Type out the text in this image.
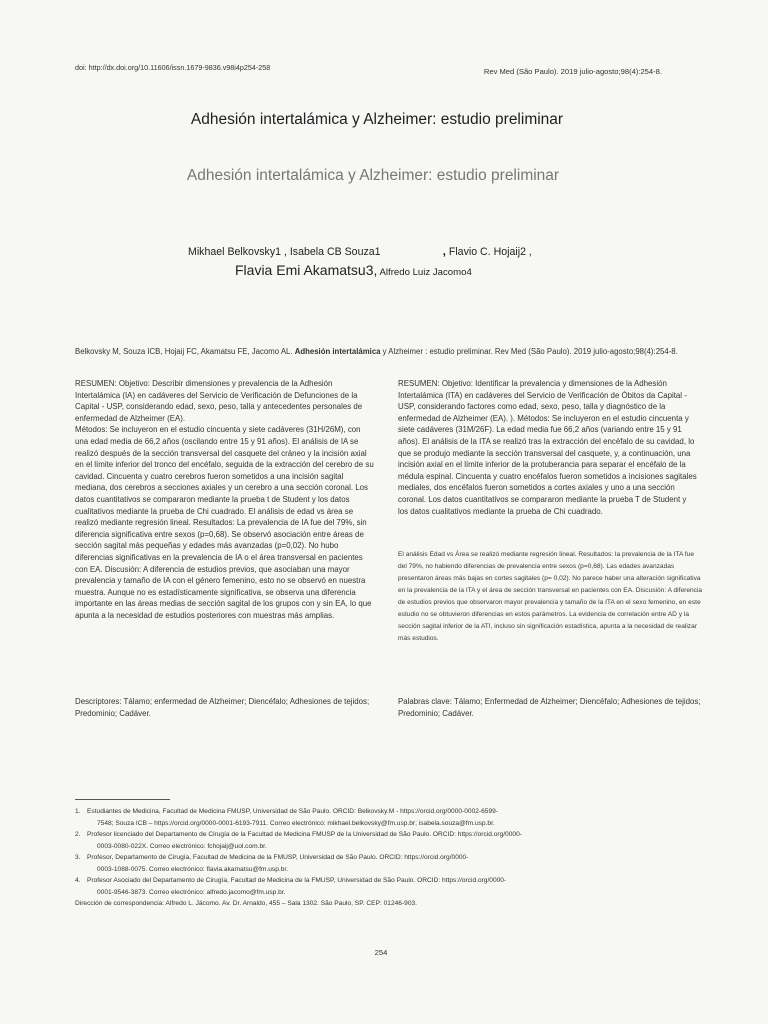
doi: http://dx.doi.org/10.11606/issn.1679-9836.v98i4p254-258	Rev Med (São Paulo). 2019 julio-agosto;98(4):254-8.
Adhesión intertalámica y Alzheimer: estudio preliminar
Adhesión intertalámica y Alzheimer: estudio preliminar
Mikhael Belkovsky1 , Isabela CB Souza1	, Flavio C. Hojaij2 ,
Flavia Emi Akamatsu3, Alfredo Luiz Jacomo4
Belkovsky M, Souza ICB, Hojaij FC, Akamatsu FE, Jacomo AL. Adhesión intertalámica y Alzheimer : estudio preliminar. Rev Med (São Paulo). 2019 julio-agosto;98(4):254-8.

RESUMEN: Objetivo: Describir dimensiones y prevalencia de la Adhesión Intertalámica (IA) en cadáveres del Servicio de Verificación de Defunciones de la Capital - USP, considerando edad, sexo, peso, talla y antecedentes personales de enfermedad de Alzheimer (EA).

Métodos: Se incluyeron en el estudio cincuenta y siete cadáveres (31H/26M), con una edad media de 66,2 años (oscilando entre 15 y 91 años). El análisis de IA se realizó después de la sección transversal del casquete del cráneo y la incisión axial en el límite inferior del tronco del encéfalo, seguida de la extracción del cerebro de su cavidad. Cincuenta y cuatro cerebros fueron sometidos a una incisión sagital mediana, dos cerebros a secciones axiales y un cerebro a una sección coronal. Los datos cuantitativos se compararon mediante la prueba t de Student y los datos cualitativos mediante la prueba de Chi cuadrado. El análisis de edad vs área se realizó mediante regresión lineal. Resultados: La prevalencia de IA fue del 79%, sin diferencia significativa entre sexos (p=0,68). Se observó asociación entre áreas de sección sagital más pequeñas y edades más avanzadas (p=0,02). No hubo diferencias significativas en la prevalencia de IA o el área transversal en pacientes con EA. Discusión: A diferencia de estudios previos, que asociaban una mayor prevalencia y tamaño de IA con el género femenino, esto no se observó en nuestra muestra. Aunque no es estadísticamente significativa, se observa una diferencia importante en las áreas medias de sección sagital de los grupos con y sin EA, lo que apunta a la necesidad de estudios posteriores con muestras más amplias.

RESUMEN: Objetivo: Identificar la prevalencia y dimensiones de la Adhesión Intertalámica (ITA) en cadáveres del Servicio de Verificación de Óbitos da Capital - USP, considerando factores como edad, sexo, peso, talla y diagnóstico de la enfermedad de Alzheimer (EA). ). Métodos: Se incluyeron en el estudio cincuenta y siete cadáveres (31M/26F). La edad media fue 66,2 años (variando entre 15 y 91 años). El análisis de la ITA se realizó tras la extracción del encéfalo de su cavidad, lo que se produjo mediante la sección transversal del casquete, y, a continuación, una incisión axial en el límite inferior de la protuberancia para separar el encéfalo de la médula espinal. Cincuenta y cuatro encéfalos fueron sometidos a incisiones sagitales mediales, dos encéfalos fueron sometidos a cortes axiales y uno a una sección coronal. Los datos cuantitativos se compararon mediante la prueba T de Student y los datos cualitativos mediante la prueba de Chi cuadrado.

El análisis Edad vs Área se realizó mediante regresión lineal. Resultados: la prevalencia de la ITA fue del 79%, no habiendo diferencias de prevalencia entre sexos (p=0,68). Las edades avanzadas presentaron áreas más bajas en cortes sagitales (p= 0,02). No parece haber una alteración significativa en la prevalencia de la ITA y el área de sección transversal en pacientes con EA. Discusión: A diferencia de estudios previos que observaron mayor prevalencia y tamaño de la ITA en el sexo femenino, en este estudio no se obtuvieron diferencias en estos parámetros. La evidencia de correlación entre AD y la sección sagital inferior de la ATI, incluso sin significación estadística, apunta a la necesidad de realizar más estudios.
Descriptores: Tálamo; enfermedad de Alzheimer; Diencéfalo; Adhesiones de tejidos; Predominio; Cadáver.
Palabras clave: Tálamo; Enfermedad de Alzheimer; Diencéfalo; Adhesiones de tejidos; Predominio; Cadáver.
1. Estudiantes de Medicina, Facultad de Medicina FMUSP, Universidad de São Paulo. ORCID: Belkovsky.M - https://orcid.org/0000-0002-6599-
7548; Souza ICB – https://orcid.org/0000-0001-6193-7911. Correo electrónico: mikhael.belkovsky@fm.usp.br; isabela.souza@fm.usp.br.
2. Profesor licenciado del Departamento de Cirugía de la Facultad de Medicina FMUSP de la Universidad de São Paulo. ORCID: https://orcid.org/0000-
0003-0080-022X. Correo electrónico: fchojaij@uol.com.br.
3. Profesor, Departamento de Cirugía, Facultad de Medicina de la FMUSP, Universidad de São Paulo. ORCID: https://orcid.org/0000-
0003-1088-0075. Correo electrónico: flavia.akamatsu@fm.usp.br.
4. Profesor Asociado del Departamento de Cirugía, Facultad de Medicina de la FMUSP, Universidad de São Paulo. ORCID: https://orcid.org/0000-
0001-9546-3873. Correo electrónico: alfredo.jacomo@fm.usp.br.
Dirección de correspondencia: Alfredo L. Jácomo. Av. Dr. Arnaldo, 455 – Sala 1302. São Paulo, SP. CEP: 01246-903.
254
